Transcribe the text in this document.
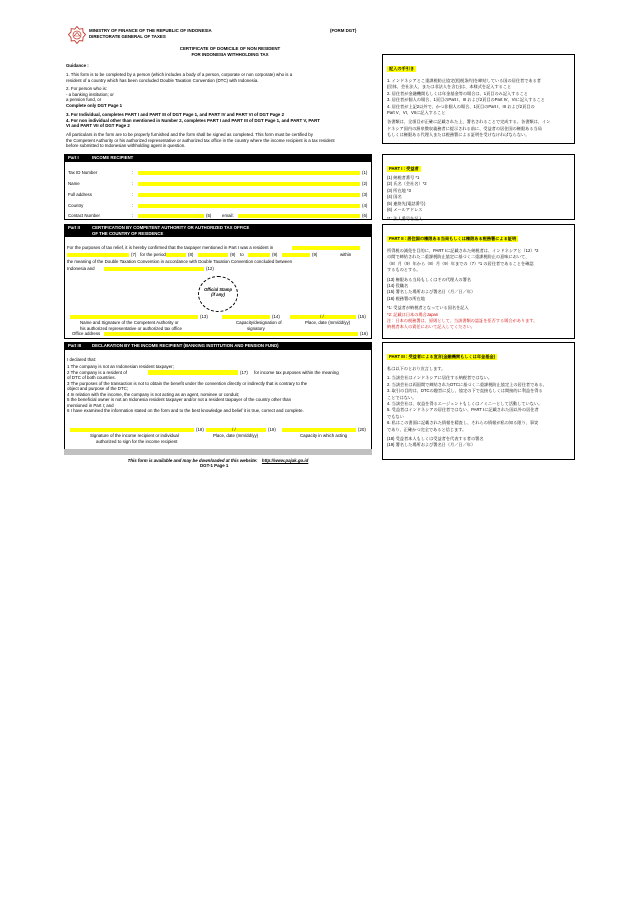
MINISTRY OF FINANCE OF THE REPUBLIC OF INDONESIA
DIRECTORATE GENERAL OF TAXES
(FORM DGT)
CERTIFICATE OF DOMICILE OF NON RESIDENT
FOR INDONESIA WITHHOLDING TAX
Guidance :
1. This form is to be completed by a person (which includes a body of a person, corporate or non corporate) who is a
resident of a country which has been concluded Double Taxation Convention (DTC) with Indonesia.
2. For person who is:
- a banking institution; or
a pension fund, or
Complete only DGT Page 1
3. For Individual, completes PART I and PART III of DGT Page 1, and PART IV and PART VI of DGT Page 2
4. For non individual other than mentioned in Number 2, completes PART I and PART III of DGT Page 1, and PART V, PART
VI and PART VII of DGT Page 2
All particulars in the form are to be properly furnished and the form shall be signed as completed. This form must be certified by
the Competent Authority or his authorized representative or authorized tax office in the country where the income recipient is a tax resident
before submitted to Indonesian withholding agent in question.
Part I	INCOME RECIPIENT
Tax ID Number	:	(1)
Name	:	(2)
Full address	:	(3)
Country	:	(4)
Contact Number	:	(5) email:	(6)
Part II	CERTIFICATION BY COMPETENT AUTHORITY OR AUTHORIZED TAX OFFICE
OF THE COUNTRY OF RESIDENCE
For the purposes of tax relief, it is hereby confirmed that the taxpayer mentioned in Part I was a resident in
(7) for the period	(8)	(9) to	(9)	(9)	within
the meaning of the Double Taxation Convention in accordance with Double Taxation Convention concluded between
Indonesia and	(12)
Official Stamp
(if any)
(13)	(14)	/ /	(15)
Name and Signature of the Competent Authority or
his authorized representative or authorized tax office
Capacity/designation of
signatory
Place, date (mm/dd/yy)
Office address	(16)
Part III	DECLARATION BY THE INCOME RECIPIENT (BANKING INSTITUTION AND PENSION FUND)
I declared that:
1 The company is not an Indonesian resident taxpayer;
2 The company is a resident of	(17) for income tax purposes within the meaning
of DTC of both countries.
3 The purposes of the transaction is not to obtain the benefit under the convention directly or indirectly that is contrary to the
object and purpose of the DTC;
4 In relation with the income, the company is not acting as an agent, nominee or conduit;
5 the beneficial owner is not an Indonesia resident taxpayer and/or not a resident taxpayer of the country other than
mentioned in Part I; and
6 I have examined the information stated on the form and to the best knowledge and belief it is true, correct and complete.
(18)	/ /	(19)	(20)
Signature of the income recipient or individual
authorized to sign for the income recipient
Place, date (mm/dd/yy)	Capacity in which acting
This form is available and may be downloaded at this website: http://www.pajak.go.id
DGT-1 Page 1
記入の手引き
1. インドネシアとこ重課税防止協定(租税条約)を締結している国の居住者である者
(団体、会社法人、または非法人を含む)は、本様式を記入すること
2. 居住者が金融機関もしくは年金基金等の場合は、1頁目のみ記入すること
3. 居住者が個人の場合、1頁目のPart I、III および2頁目のPart IV、VIに記入すること
4. 居住者が上記2以外で、かつ非個人の場合、1頁目のPart I、III および2頁目の
Part V、VI、VIIに記入すること
各書類は、全項目が正確に記載された上、署名されることで完成する。各書類は、イン
ドネシア国内の源泉徴収義務者に提示される前に、受益者の居住国の権限ある当局
もしくは権限ある代理人または税務署による証明を受けなければならない。
PART I : 受益者
(1) 納税者番号 *1
(2) 氏名（会社名）*2
(3) 所在地 *3
(4) 国名
(5) 連絡先(電話番号)
(6) メールアドレス
*1: 法人番号を記入
PART II : 居住国の権限ある当局もしくは権限ある税務署による証明
所得税の減免を目的に、PART Iに記載された納税者は、インドネシアと（12）*2
の間で締結された二重課税防止協定に基づく二重課税防止の意味において、
（8）月（9）年から（8）月（9）年までの（7）*1 の居住者であることを確認
するものとする。
(13) 権限ある当局もしくはその代理人の署名
(14) 役職名
(15) 署名した場所および署名日（月／日／年）
(16) 税務署の所在地
*1: 受益者が納税者となっている国名を記入
*2: 記載は日本の場合Japan
注：日本の税務署は、原則として、当該書類の認証を拒否する場合があります。
納税者本人の責任において記入してください。
PART III : 受益者による宣言(金融機関もしくは年金基金)
私は以下のとおり宣言します。
1. 当該会社はインドネシアに居住する納税者ではない。
2. 当該会社は両国間で締結されたDTCに基づく二重課税防止協定上の居住者である。
3. 取引の目的は、DTCの趣旨に反し、協定の下で直接もしくは間接的に利益を得る
ことではない。
4. 当該会社は、収益を得るエージェントもしくはノミニーとして活動していない。
5. 受益者はインドネシアの居住者ではない、PART Iに記載された国以外の居住者
でもない
6. 私はこの書面に記載された情報を精査し、それらの情報が私の知る限り、事実
であり、正確かつ完全であると信じます。
(18) 受益者本人もしくは受益者を代表する者の署名
(19) 署名した場所および署名日（月／日／年）
